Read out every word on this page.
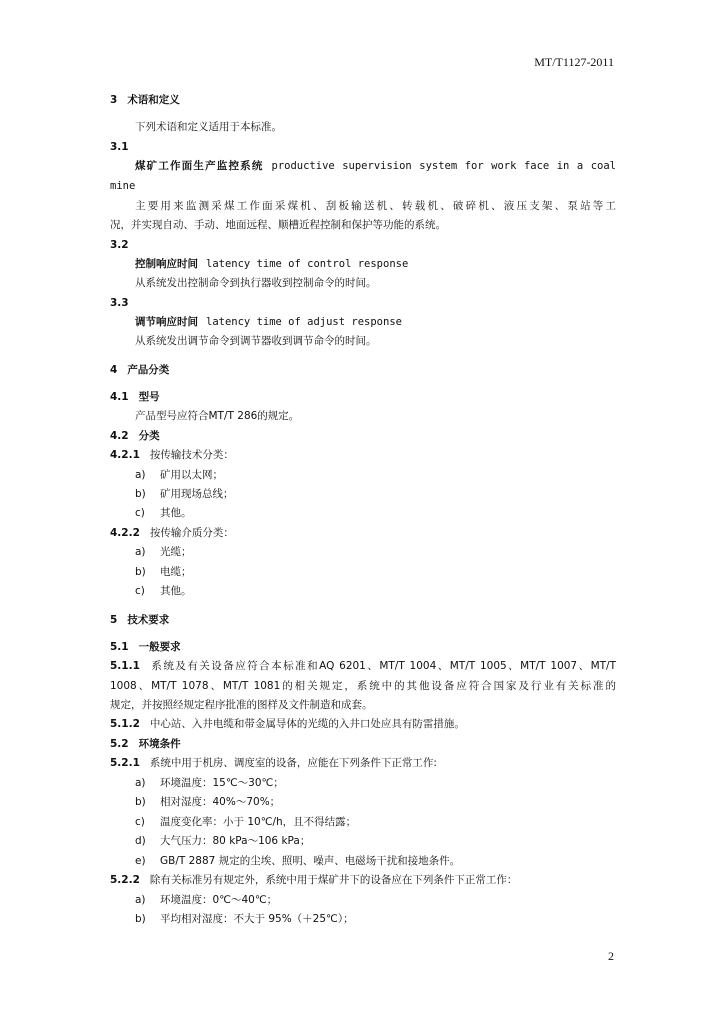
MT/T1127-2011
3 术语和定义
下列术语和定义适用于本标准。
3.1
煤矿工作面生产监控系统 productive supervision system for work face in a coal
mine
主要用来监测采煤工作面采煤机、刮板输送机、转载机、破碎机、液压支架、泵站等工
况，并实现自动、手动、地面远程、顺槽近程控制和保护等功能的系统。
3.2
控制响应时间 latency time of control response
从系统发出控制命令到执行器收到控制命令的时间。
3.3
调节响应时间 latency time of adjust response
从系统发出调节命令到调节器收到调节命令的时间。
4 产品分类
4.1 型号
产品型号应符合MT/T 286的规定。
4.2 分类
4.2.1 按传输技术分类：
a) 矿用以太网；
b) 矿用现场总线；
c) 其他。
4.2.2 按传输介质分类：
a) 光缆；
b) 电缆；
c) 其他。
5 技术要求
5.1 一般要求
5.1.1 系统及有关设备应符合本标准和AQ 6201、MT/T 1004、MT/T 1005、MT/T 1007、MT/T
1008、MT/T 1078、MT/T 1081的相关规定，系统中的其他设备应符合国家及行业有关标准的
规定，并按照经规定程序批准的图样及文件制造和成套。
5.1.2 中心站、入井电缆和带金属导体的光缆的入井口处应具有防雷措施。
5.2 环境条件
5.2.1 系统中用于机房、调度室的设备，应能在下列条件下正常工作:
a) 环境温度：15℃～30℃；
b) 相对湿度：40%～70%；
c) 温度变化率：小于 10℃/h，且不得结露；
d) 大气压力：80 kPa～106 kPa；
e) GB/T 2887 规定的尘埃、照明、噪声、电磁场干扰和接地条件。
5.2.2 除有关标准另有规定外，系统中用于煤矿井下的设备应在下列条件下正常工作：
a) 环境温度：0℃～40℃；
b) 平均相对湿度：不大于 95%（＋25℃）；
2
